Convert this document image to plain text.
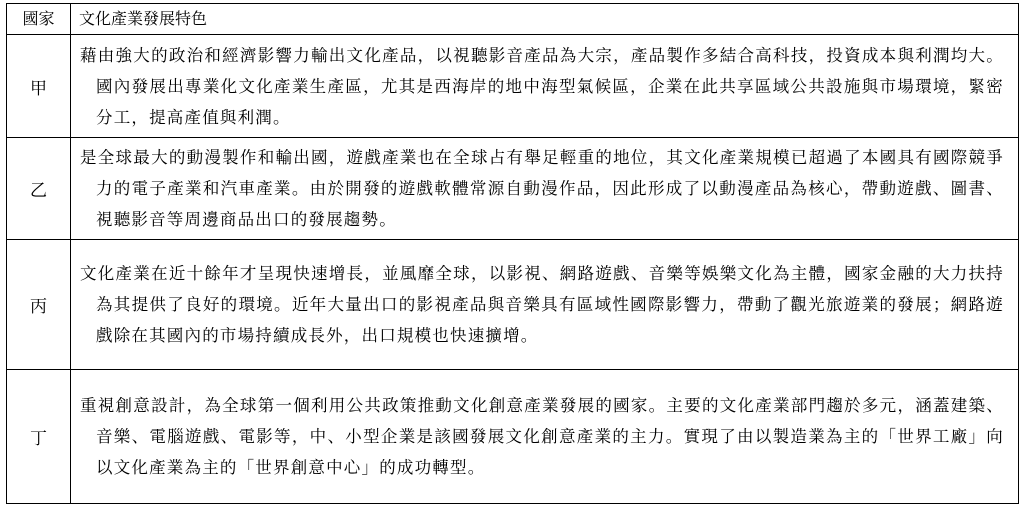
國家	文化產業發展特色
甲	藉由強大的政治和經濟影響力輸出文化產品，以視聽影音產品為大宗，產品製作多結合高科技，投資成本與利潤均大。國內發展出專業化文化產業生產區，尤其是西海岸的地中海型氣候區，企業在此共享區域公共設施與市場環境，緊密分工，提高產值與利潤。
乙	是全球最大的動漫製作和輸出國，遊戲產業也在全球占有舉足輕重的地位，其文化產業規模已超過了本國具有國際競爭力的電子產業和汽車產業。由於開發的遊戲軟體常源自動漫作品，因此形成了以動漫產品為核心，帶動遊戲、圖書、視聽影音等周邊商品出口的發展趨勢。
丙	文化產業在近十餘年才呈現快速增長，並風靡全球，以影視、網路遊戲、音樂等娛樂文化為主體，國家金融的大力扶持為其提供了良好的環境。近年大量出口的影視產品與音樂具有區域性國際影響力，帶動了觀光旅遊業的發展；網路遊戲除在其國內的市場持續成長外，出口規模也快速擴增。
丁	重視創意設計，為全球第一個利用公共政策推動文化創意產業發展的國家。主要的文化產業部門趨於多元，涵蓋建築、音樂、電腦遊戲、電影等，中、小型企業是該國發展文化創意產業的主力。實現了由以製造業為主的「世界工廠」向以文化產業為主的「世界創意中心」的成功轉型。
